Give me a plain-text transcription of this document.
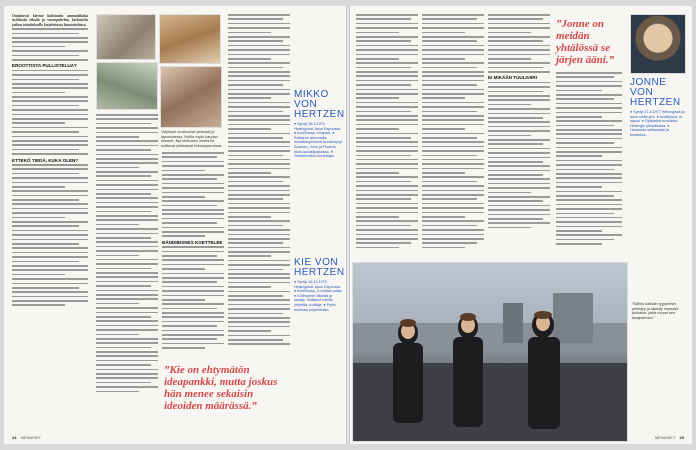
Onnistuvat kiertue kulttuurin ammattilaisia sisältävää tekstiä ja vuoropuhelua, keskustelu jatkuu toimitukselle kirjoitetussa haastattelussa.

EROOTTISTA PULLISTELUA?
ETTEKÖ TIEDÄ, KUKA OLEN?
Veljekset musisoivat yhdessä jo lapsuudessa. Hotlla myös kaupan tietueet. Nyt kiertueen ohella he soittavat yhteisissä kokoonpanoissa.
BÄNDIBISNES KOETTELEE
MIKKO VON
HERTZEN
● Syntyi 28.3.1974 Helsingissä. Asuu Espoossa. ● Avoliitossa, ei lapsia. ● Soittanut alemmalla musiikkiryhmissä ja esiintynyt Suomen, Viron ja Ruotsin Idols-laulukilpailuissa. ● Tietotekniikan kouluttaja.
KIE VON
HERTZEN
● Syntyi 16.12.1970 Helsingissä. Asuu Espoossa. ● Avoliitossa, 4-vuotias poika. ● Kotimainen kitaristi ja laulaja. Soittanut useilla yhtyeillä, tuottaja. ● Pyörii monissa projekteissa.
”Kie on ehtymätön ideapankki, mutta joskus hän menee sekaisin ideoiden määrässä.”
24 MENAISET
EI MIKÄÄN TUULIVIIRI
”Jonne on meidän yhtälössä se järjen ääni.”
JONNE VON
HERTZEN
● Syntyi 21.8.1977 Helsingissä ja asuu siellä yhä. ● Avoliitossa, ei lapsia. ● Opiskellut musiikkia Helsingin yliopistossa. ● Harrastaa salibandyä ja tuotantoa.
”Näihin kaikkiin tyyppeihin pelästyy ja läpikäy nopeasti työkalun, jotka tuovat sen tasapainoon.”
MENAISET 25
